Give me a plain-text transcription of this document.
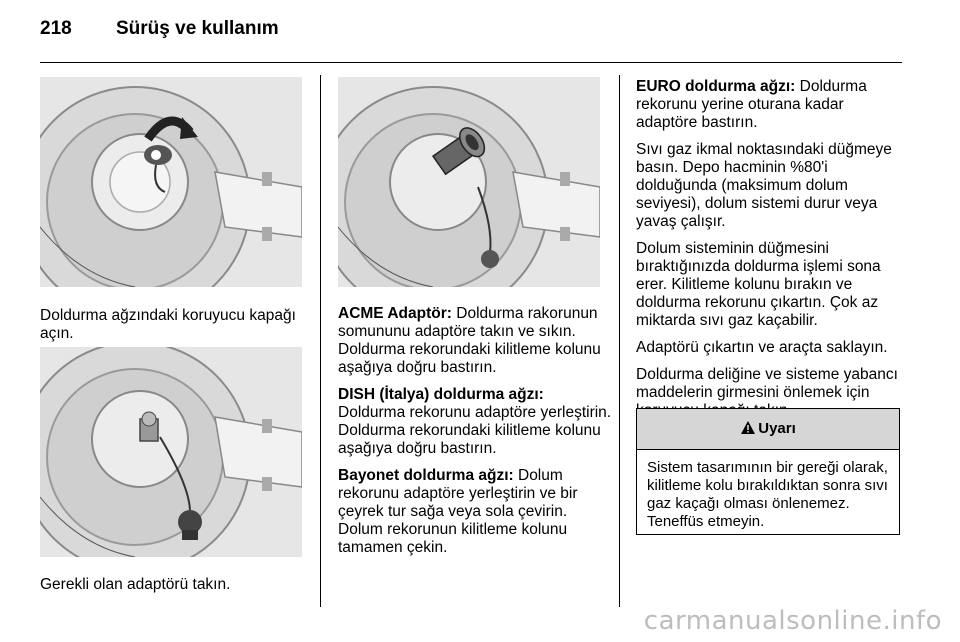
218 Sürüş ve kullanım

Doldurma ağzındaki koruyucu kapağı açın.

Gerekli olan adaptörü takın.

ACME Adaptör: Doldurma rakorunun somununu adaptöre takın ve sıkın. Doldurma rekorundaki kilitleme kolunu aşağıya doğru bastırın.

DISH (İtalya) doldurma ağzı:
Doldurma rekorunu adaptöre yerleştirin. Doldurma rekorundaki kilitleme kolunu aşağıya doğru bastırın.

Bayonet doldurma ağzı: Dolum rekorunu adaptöre yerleştirin ve bir çeyrek tur sağa veya sola çevirin. Dolum rekorunun kilitleme kolunu tamamen çekin.

EURO doldurma ağzı: Doldurma rekorunu yerine oturana kadar adaptöre bastırın.

Sıvı gaz ikmal noktasındaki düğmeye basın. Depo hacminin %80'i dolduğunda (maksimum dolum seviyesi), dolum sistemi durur veya yavaş çalışır.

Dolum sisteminin düğmesini bıraktığınızda doldurma işlemi sona erer. Kilitleme kolunu bırakın ve doldurma rekorunu çıkartın. Çok az miktarda sıvı gaz kaçabilir.

Adaptörü çıkartın ve araçta saklayın.

Doldurma deliğine ve sisteme yabancı maddelerin girmesini önlemek için

Uyarı
Sistem tasarımının bir gereği olarak, kilitleme kolu bırakıldıktan sonra sıvı gaz kaçağı olması önlenemez. Teneffüs etmeyin.
carmanualsonline.info
